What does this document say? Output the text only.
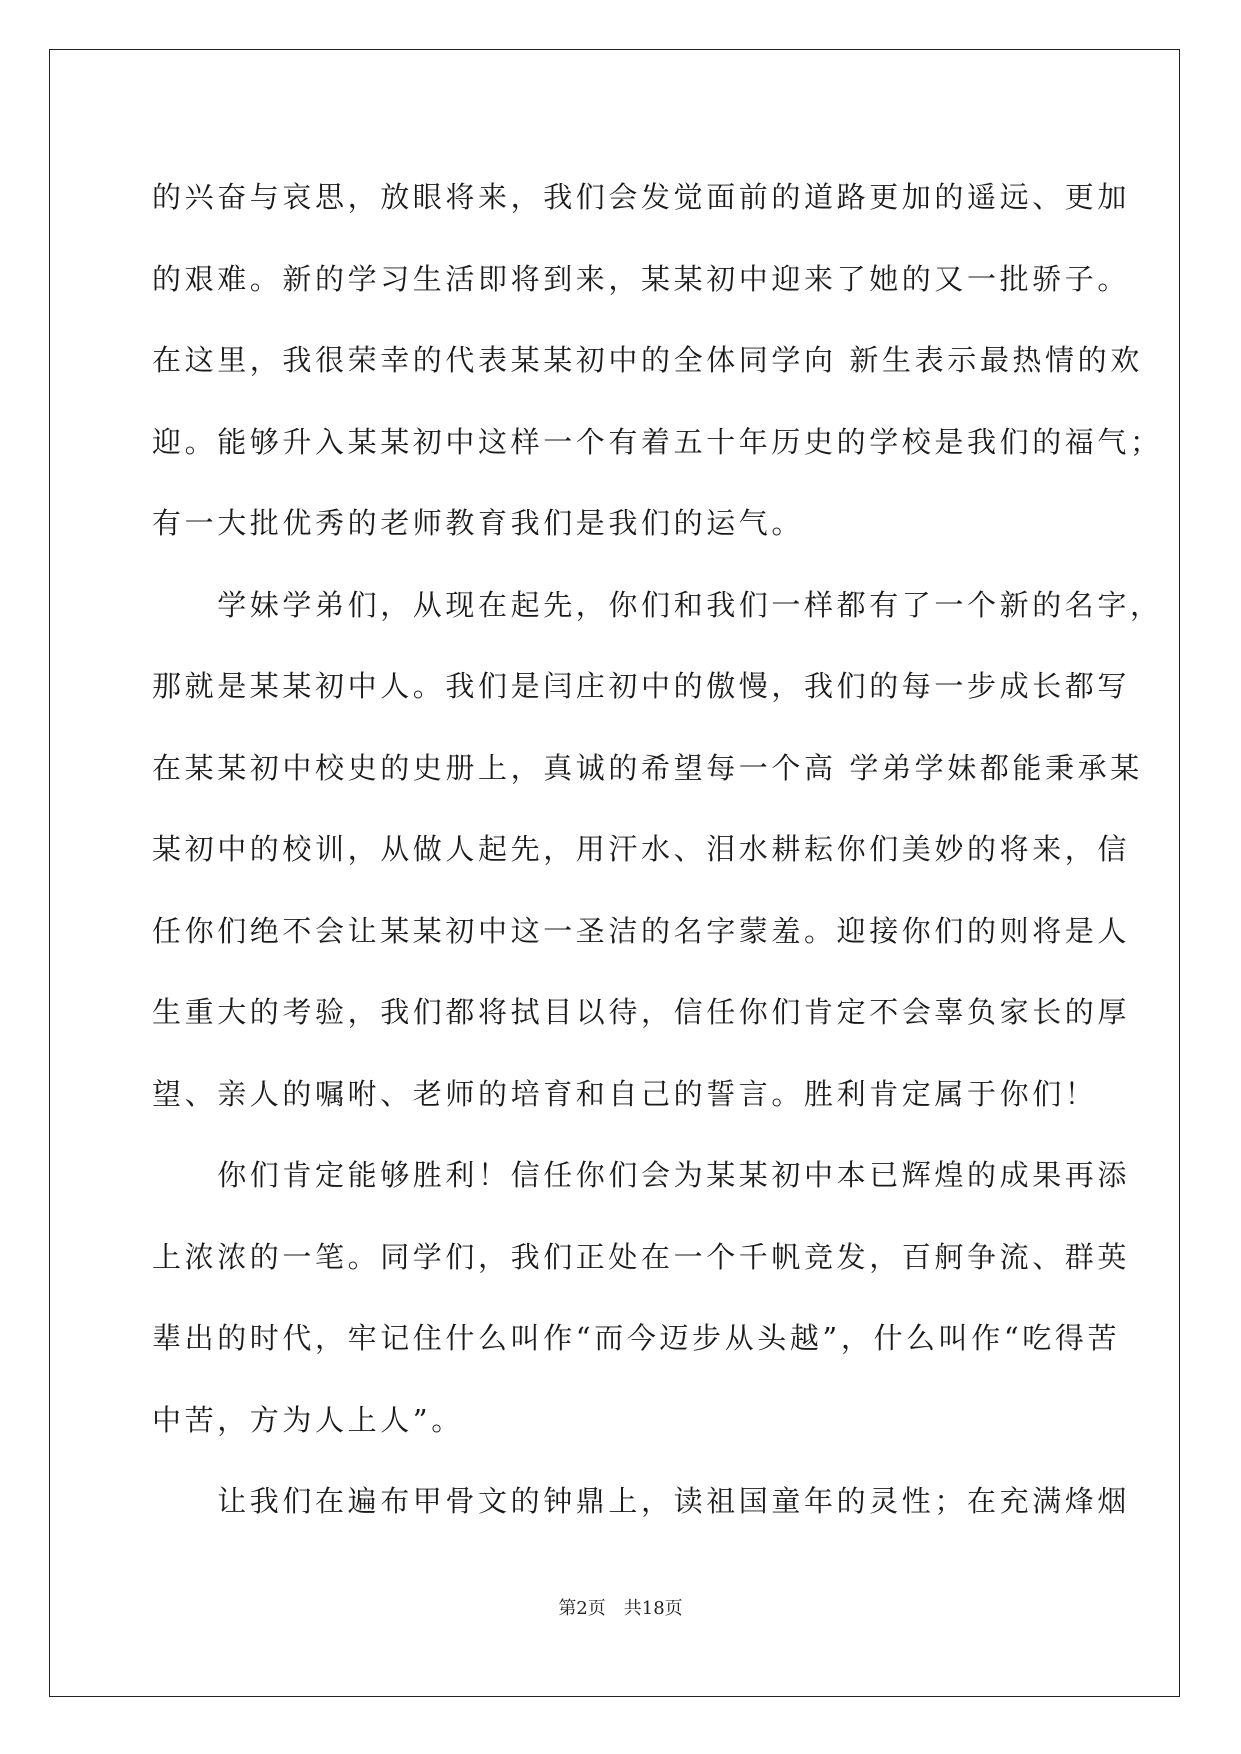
的兴奋与哀思，放眼将来，我们会发觉面前的道路更加的遥远、更加
的艰难。新的学习生活即将到来，某某初中迎来了她的又一批骄子。
在这里，我很荣幸的代表某某初中的全体同学向 新生表示最热情的欢
迎。能够升入某某初中这样一个有着五十年历史的学校是我们的福气；
有一大批优秀的老师教育我们是我们的运气。
　　学妹学弟们，从现在起先，你们和我们一样都有了一个新的名字，
那就是某某初中人。我们是闫庄初中的傲慢，我们的每一步成长都写
在某某初中校史的史册上，真诚的希望每一个高 学弟学妹都能秉承某
某初中的校训，从做人起先，用汗水、泪水耕耘你们美妙的将来，信
任你们绝不会让某某初中这一圣洁的名字蒙羞。迎接你们的则将是人
生重大的考验，我们都将拭目以待，信任你们肯定不会辜负家长的厚
望、亲人的嘱咐、老师的培育和自己的誓言。胜利肯定属于你们！
　　你们肯定能够胜利！信任你们会为某某初中本已辉煌的成果再添
上浓浓的一笔。同学们，我们正处在一个千帆竞发，百舸争流、群英
辈出的时代，牢记住什么叫作“而今迈步从头越”，什么叫作“吃得苦
中苦，方为人上人”。
　　让我们在遍布甲骨文的钟鼎上，读祖国童年的灵性；在充满烽烟
第2页 共18页
